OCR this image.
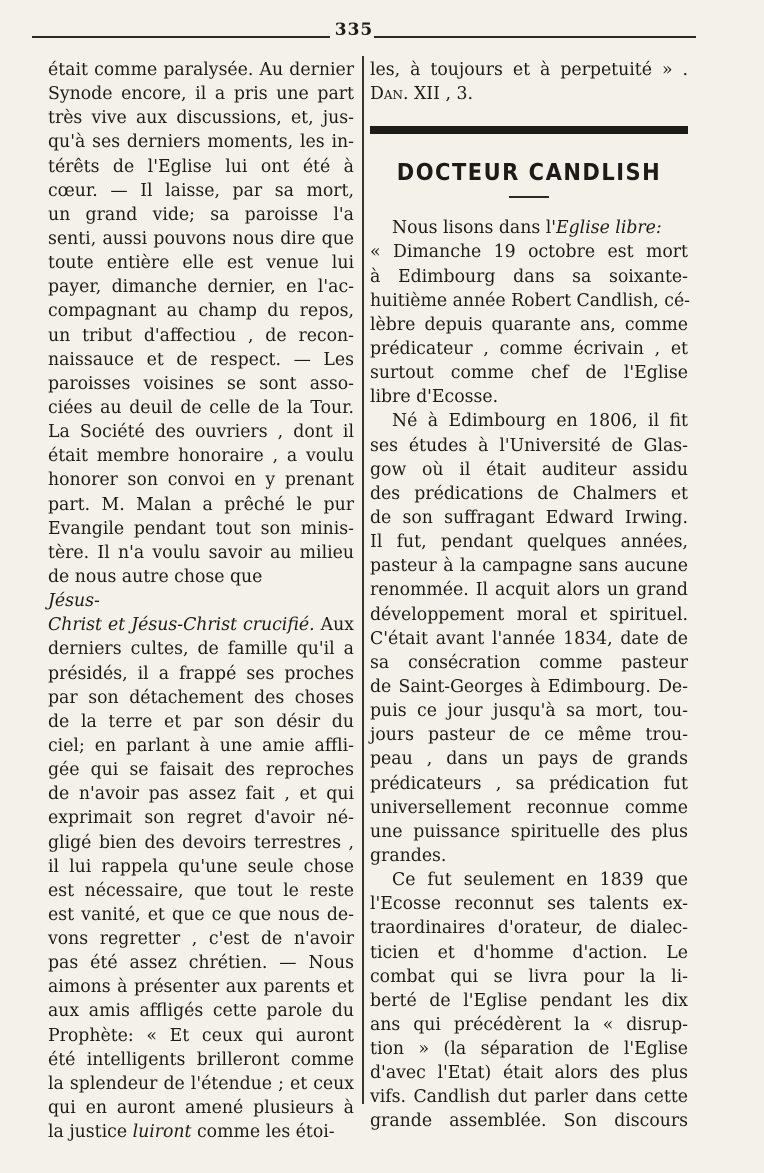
335
était comme paralysée. Au dernier
Synode encore, il a pris une part
très vive aux discussions, et, jus-
qu'à ses derniers moments, les in-
térêts de l'Eglise lui ont été à
cœur. — Il laisse, par sa mort,
un grand vide; sa paroisse l'a
senti, aussi pouvons nous dire que
toute entière elle est venue lui
payer, dimanche dernier, en l'ac-
compagnant au champ du repos,
un tribut d'affectiou , de recon-
naissauce et de respect. — Les
paroisses voisines se sont asso-
ciées au deuil de celle de la Tour.
La Société des ouvriers , dont il
était membre honoraire , a voulu
honorer son convoi en y prenant
part. M. Malan a prêché le pur
Evangile pendant tout son minis-
tère. Il n'a voulu savoir au milieu
de nous autre chose que
Jésus-
Christ et Jésus-Christ crucifié. Aux
derniers cultes, de famille qu'il a
présidés, il a frappé ses proches
par son détachement des choses
de la terre et par son désir du
ciel; en parlant à une amie affli-
gée qui se faisait des reproches
de n'avoir pas assez fait , et qui
exprimait son regret d'avoir né-
gligé bien des devoirs terrestres ,
il lui rappela qu'une seule chose
est nécessaire, que tout le reste
est vanité, et que ce que nous de-
vons regretter , c'est de n'avoir
pas été assez chrétien. — Nous
aimons à présenter aux parents et
aux amis affligés cette parole du
Prophète: « Et ceux qui auront
été intelligents brilleront comme
la splendeur de l'étendue ; et ceux
qui en auront amené plusieurs à
la justice luiront comme les étoi-
les, à toujours et à perpetuité » .
Dan. XII , 3.
DOCTEUR CANDLISH
Nous lisons dans l'Eglise libre:
« Dimanche 19 octobre est mort
à Edimbourg dans sa soixante-
huitième année Robert Candlish, cé-
lèbre depuis quarante ans, comme
prédicateur , comme écrivain , et
surtout comme chef de l'Eglise
libre d'Ecosse.
Né à Edimbourg en 1806, il fit
ses études à l'Université de Glas-
gow où il était auditeur assidu
des prédications de Chalmers et
de son suffragant Edward Irwing.
Il fut, pendant quelques années,
pasteur à la campagne sans aucune
renommée. Il acquit alors un grand
développement moral et spirituel.
C'était avant l'année 1834, date de
sa consécration comme pasteur
de Saint-Georges à Edimbourg. De-
puis ce jour jusqu'à sa mort, tou-
jours pasteur de ce même trou-
peau , dans un pays de grands
prédicateurs , sa prédication fut
universellement reconnue comme
une puissance spirituelle des plus
grandes.
Ce fut seulement en 1839 que
l'Ecosse reconnut ses talents ex-
traordinaires d'orateur, de dialec-
ticien et d'homme d'action. Le
combat qui se livra pour la li-
berté de l'Eglise pendant les dix
ans qui précédèrent la « disrup-
tion » (la séparation de l'Eglise
d'avec l'Etat) était alors des plus
vifs. Candlish dut parler dans cette
grande assemblée. Son discours
